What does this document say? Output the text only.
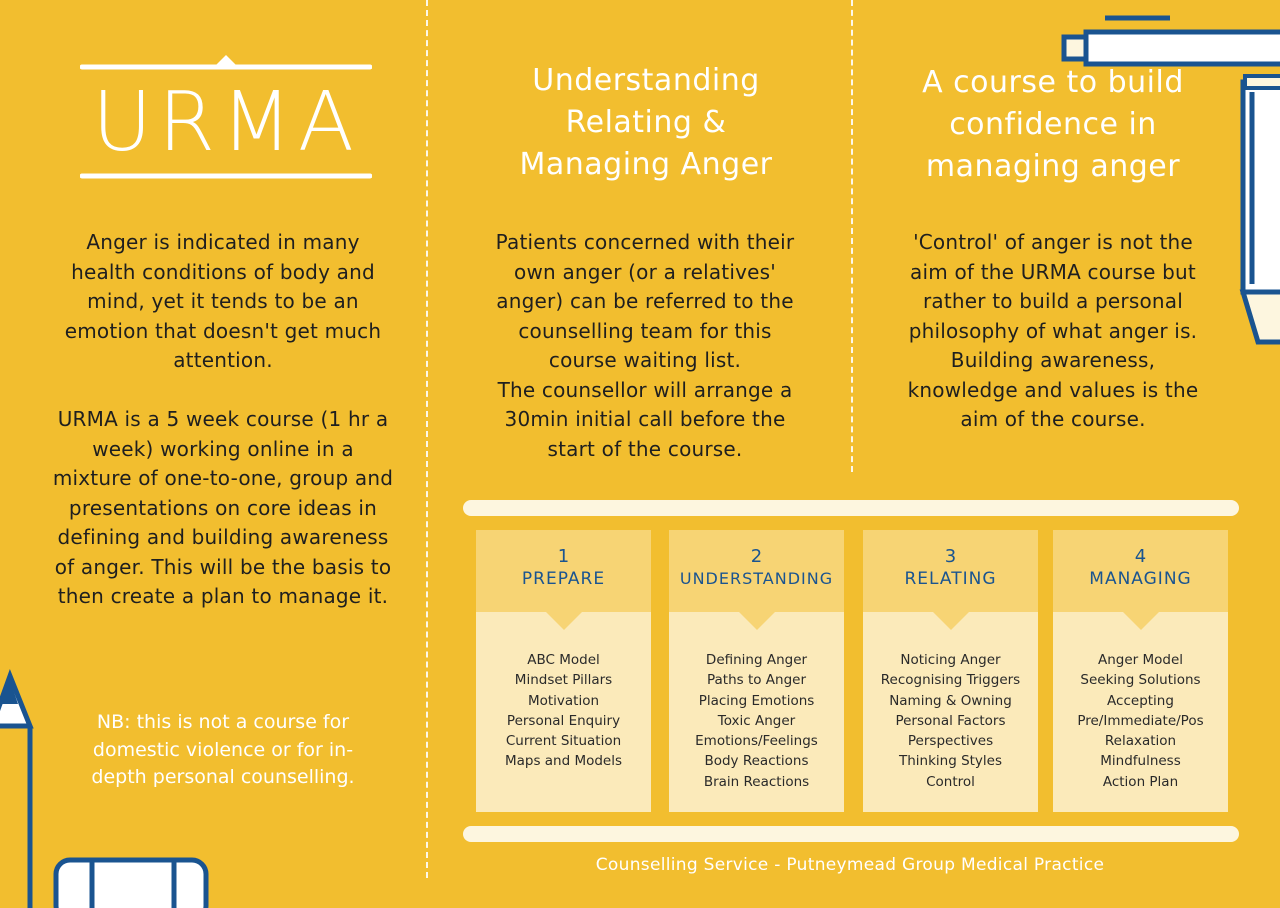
URMA
Anger is indicated in many health conditions of body and mind, yet it tends to be an emotion that doesn't get much attention.
URMA is a 5 week course (1 hr a week) working online in a mixture of one-to-one, group and presentations on core ideas in defining and building awareness of anger. This will be the basis to then create a plan to manage it.
NB: this is not a course for domestic violence or for in-depth personal counselling.
Understanding
Relating &
Managing Anger
Patients concerned with their
own anger (or a relatives'
anger) can be referred to the
counselling team for this
course waiting list.
The counsellor will arrange a
30min initial call before the
start of the course.
A course to build
confidence in
managing anger
'Control' of anger is not the
aim of the URMA course but
rather to build a personal
philosophy of what anger is.
Building awareness,
knowledge and values is the
aim of the course.
1
PREPARE
ABC Model
Mindset Pillars
Motivation
Personal Enquiry
Current Situation
Maps and Models
2
UNDERSTANDING
Defining Anger
Paths to Anger
Placing Emotions
Toxic Anger
Emotions/Feelings
Body Reactions
Brain Reactions
3
RELATING
Noticing Anger
Recognising Triggers
Naming & Owning
Personal Factors
Perspectives
Thinking Styles
Control
4
MANAGING
Anger Model
Seeking Solutions
Accepting
Pre/Immediate/Pos
Relaxation
Mindfulness
Action Plan
Counselling Service - Putneymead Group Medical Practice
